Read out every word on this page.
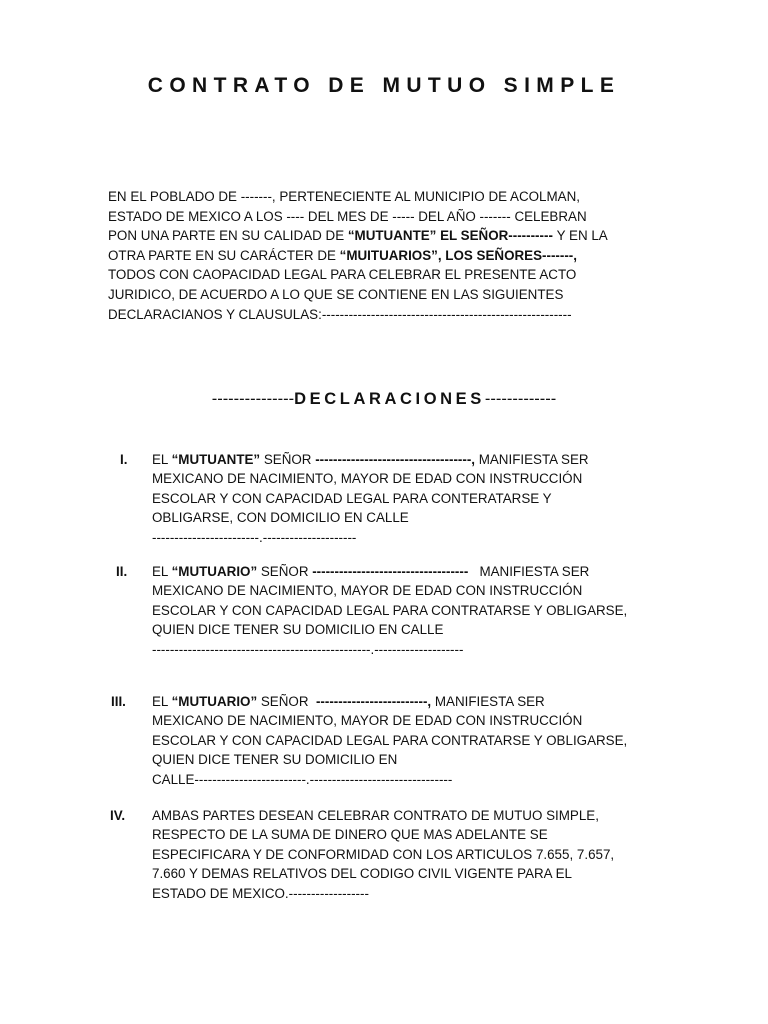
CONTRATO DE MUTUO SIMPLE
EN EL POBLADO DE -------, PERTENECIENTE AL MUNICIPIO DE ACOLMAN,
ESTADO DE MEXICO A LOS ---- DEL MES DE ----- DEL AÑO ------- CELEBRAN
PON UNA PARTE EN SU CALIDAD DE “MUTUANTE” EL SEÑOR---------- Y EN LA
OTRA PARTE EN SU CARÁCTER DE “MUITUARIOS”, LOS SEÑORES-------,
TODOS CON CAOPACIDAD LEGAL PARA CELEBRAR EL PRESENTE ACTO
JURIDICO, DE ACUERDO A LO QUE SE CONTIENE EN LAS SIGUIENTES
DECLARACIANOS Y CLAUSULAS:--------------------------------------------------------
---------------DECLARACIONES-------------
I. EL “MUTUANTE” SEÑOR -----------------------------------, MANIFIESTA SER
MEXICANO DE NACIMIENTO, MAYOR DE EDAD CON INSTRUCCIÓN
ESCOLAR Y CON CAPACIDAD LEGAL PARA CONTERATARSE Y
OBLIGARSE, CON DOMICILIO EN CALLE
------------------------.---------------------
II. EL “MUTUARIO” SEÑOR -----------------------------------   MANIFIESTA SER
MEXICANO DE NACIMIENTO, MAYOR DE EDAD CON INSTRUCCIÓN
ESCOLAR Y CON CAPACIDAD LEGAL PARA CONTRATARSE Y OBLIGARSE,
QUIEN DICE TENER SU DOMICILIO EN CALLE
-------------------------------------------------.--------------------
III. EL “MUTUARIO” SEÑOR  -------------------------, MANIFIESTA SER
MEXICANO DE NACIMIENTO, MAYOR DE EDAD CON INSTRUCCIÓN
ESCOLAR Y CON CAPACIDAD LEGAL PARA CONTRATARSE Y OBLIGARSE,
QUIEN DICE TENER SU DOMICILIO EN
CALLE-------------------------.--------------------------------
IV. AMBAS PARTES DESEAN CELEBRAR CONTRATO DE MUTUO SIMPLE,
RESPECTO DE LA SUMA DE DINERO QUE MAS ADELANTE SE
ESPECIFICARA Y DE CONFORMIDAD CON LOS ARTICULOS 7.655, 7.657,
7.660 Y DEMAS RELATIVOS DEL CODIGO CIVIL VIGENTE PARA EL
ESTADO DE MEXICO.------------------
